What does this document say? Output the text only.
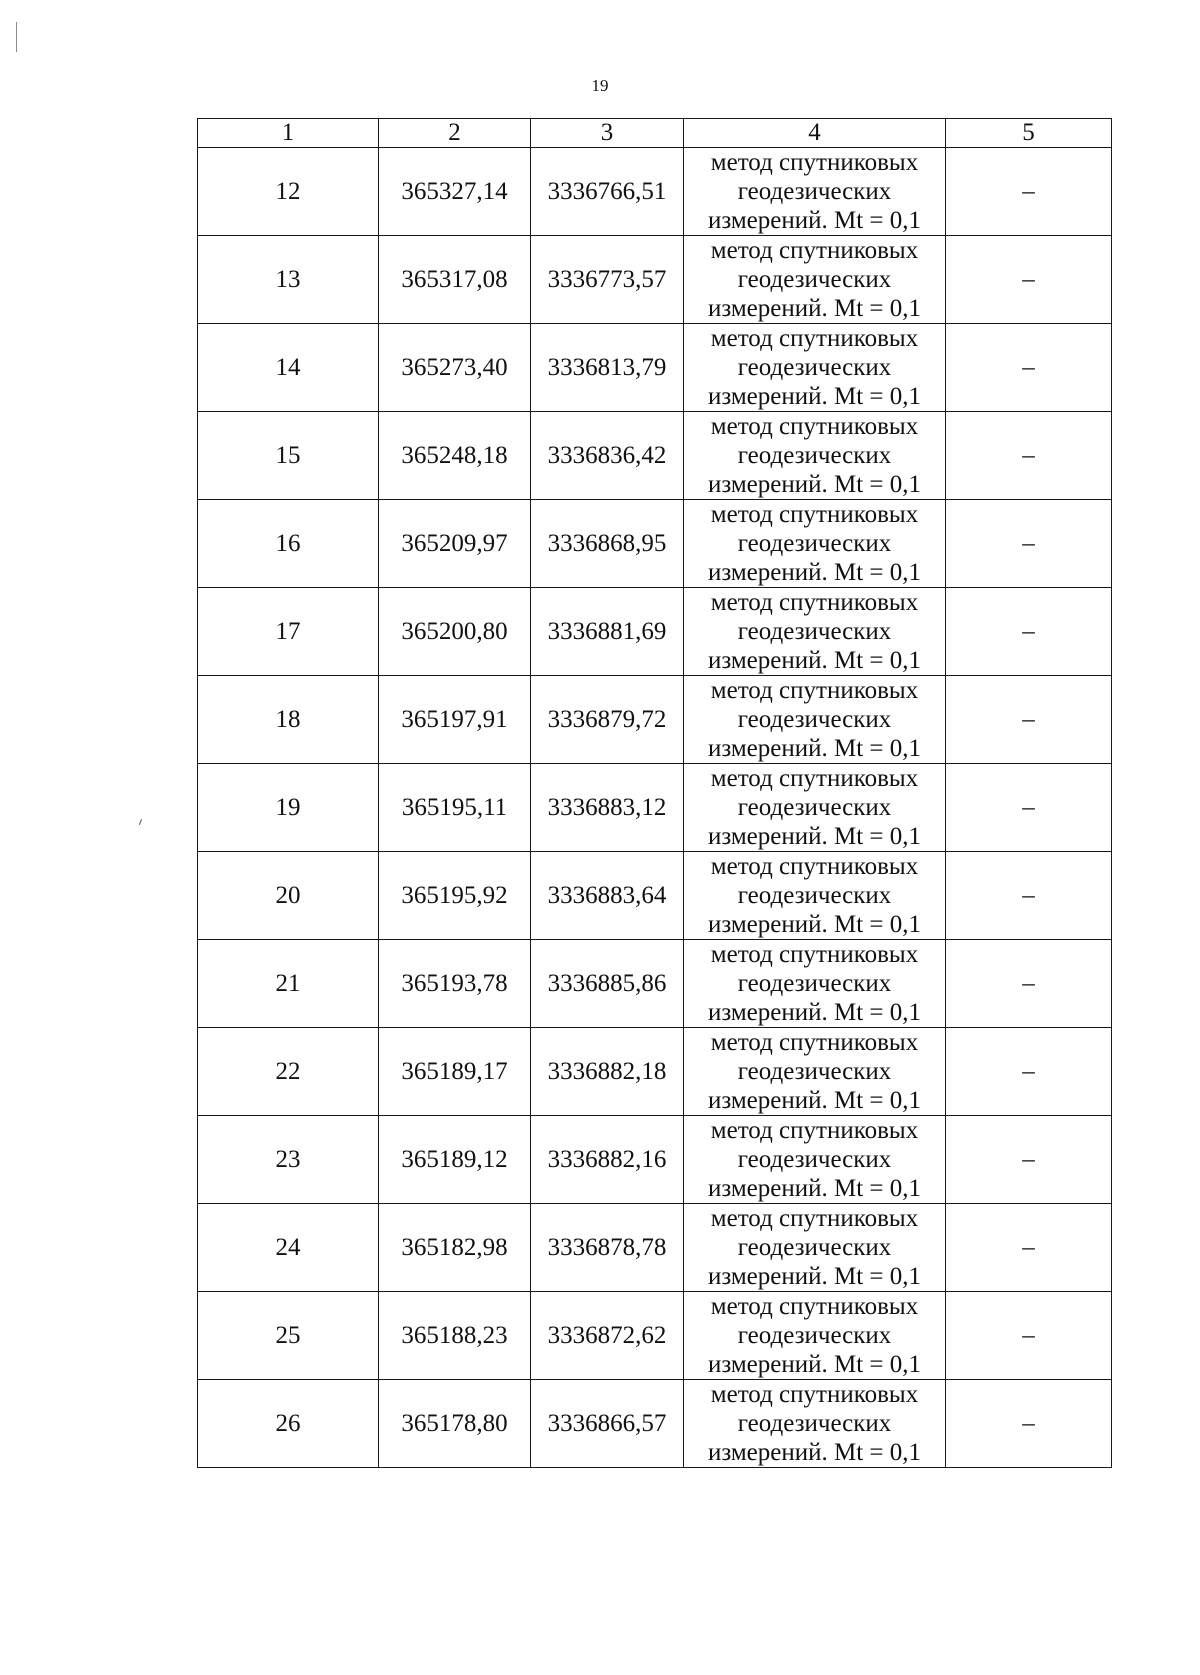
19
1	2	3	4	5
12	365327,14	3336766,51	метод спутниковых
геодезических
измерений. Mt = 0,1	–
13	365317,08	3336773,57	метод спутниковых
геодезических
измерений. Mt = 0,1	–
14	365273,40	3336813,79	метод спутниковых
геодезических
измерений. Mt = 0,1	–
15	365248,18	3336836,42	метод спутниковых
геодезических
измерений. Mt = 0,1	–
16	365209,97	3336868,95	метод спутниковых
геодезических
измерений. Mt = 0,1	–
17	365200,80	3336881,69	метод спутниковых
геодезических
измерений. Mt = 0,1	–
18	365197,91	3336879,72	метод спутниковых
геодезических
измерений. Mt = 0,1	–
19	365195,11	3336883,12	метод спутниковых
геодезических
измерений. Mt = 0,1	–
20	365195,92	3336883,64	метод спутниковых
геодезических
измерений. Mt = 0,1	–
21	365193,78	3336885,86	метод спутниковых
геодезических
измерений. Mt = 0,1	–
22	365189,17	3336882,18	метод спутниковых
геодезических
измерений. Mt = 0,1	–
23	365189,12	3336882,16	метод спутниковых
геодезических
измерений. Mt = 0,1	–
24	365182,98	3336878,78	метод спутниковых
геодезических
измерений. Mt = 0,1	–
25	365188,23	3336872,62	метод спутниковых
геодезических
измерений. Mt = 0,1	–
26	365178,80	3336866,57	метод спутниковых
геодезических
измерений. Mt = 0,1	–
